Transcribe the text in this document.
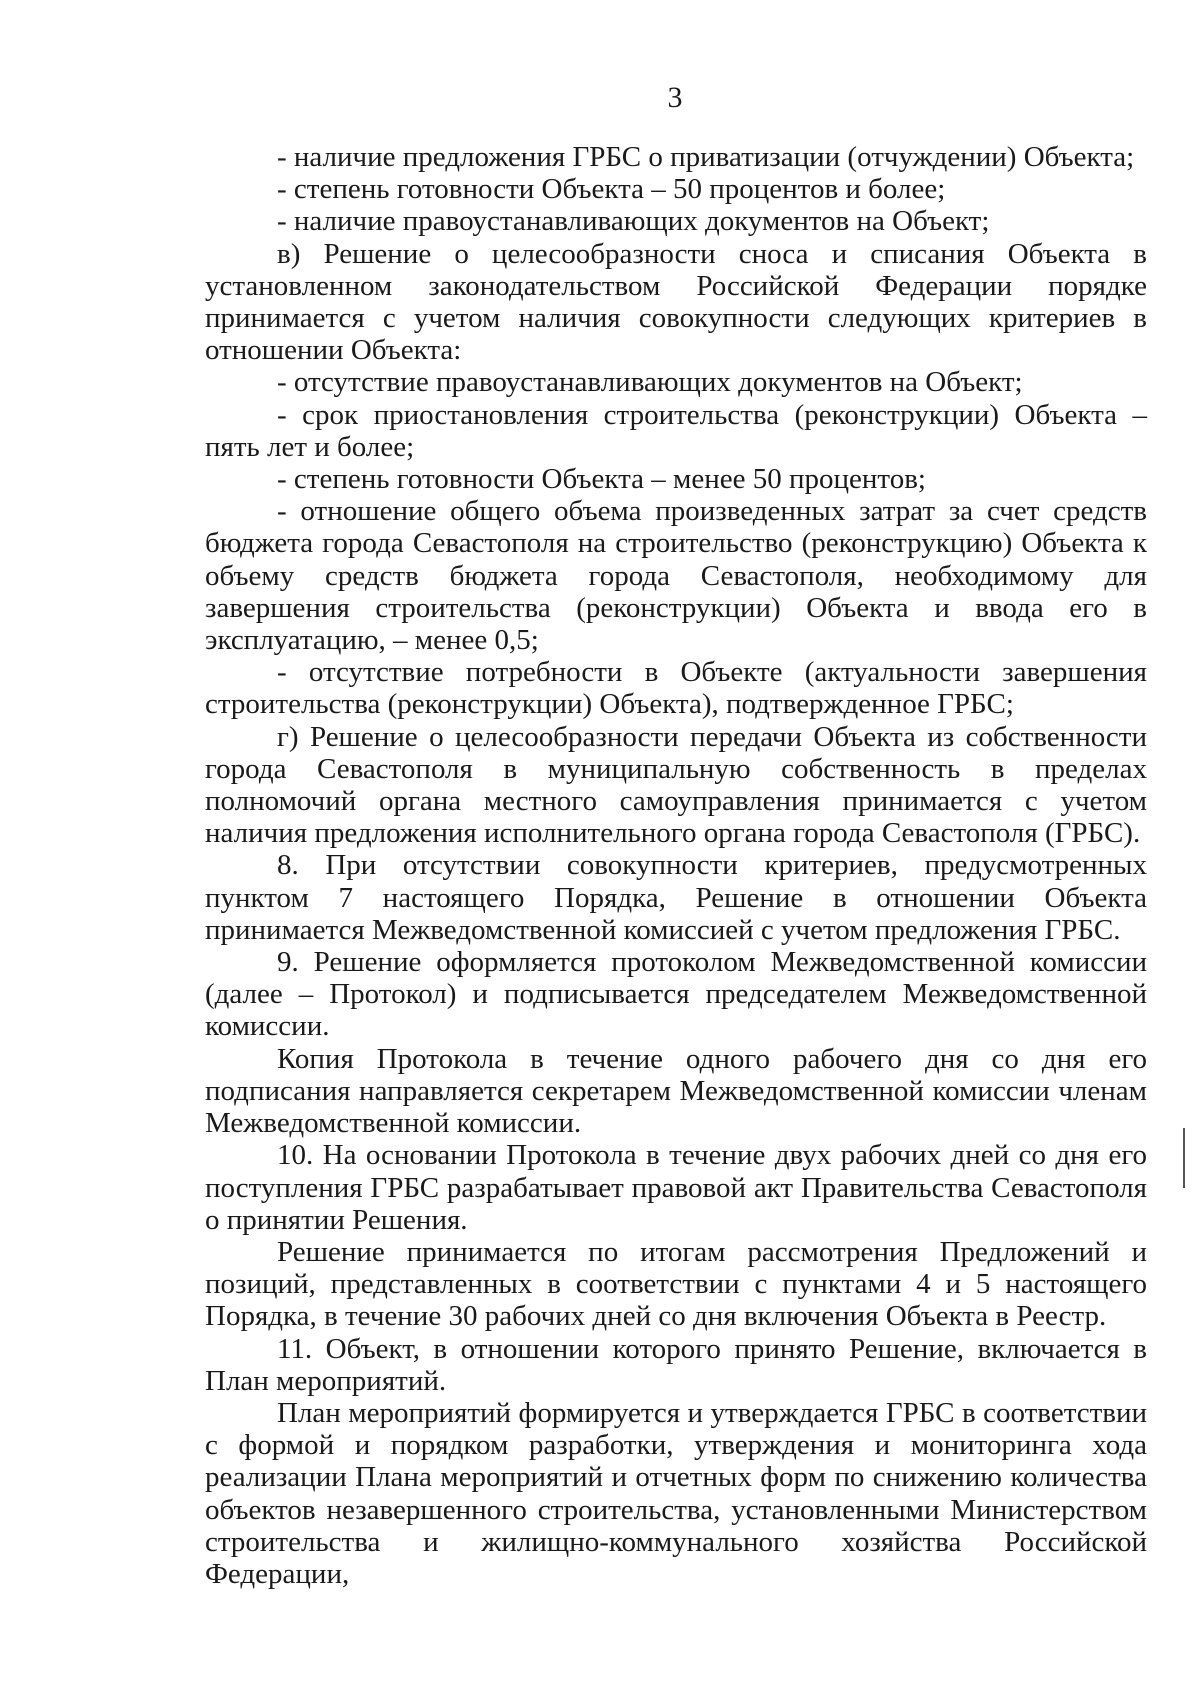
3

- наличие предложения ГРБС о приватизации (отчуждении) Объекта;

- степень готовности Объекта – 50 процентов и более;

- наличие правоустанавливающих документов на Объект;

в) Решение о целесообразности сноса и списания Объекта в установленном законодательством Российской Федерации порядке принимается с учетом наличия совокупности следующих критериев в отношении Объекта:

- отсутствие правоустанавливающих документов на Объект;

- срок приостановления строительства (реконструкции) Объекта – пять лет и более;

- степень готовности Объекта – менее 50 процентов;

- отношение общего объема произведенных затрат за счет средств бюджета города Севастополя на строительство (реконструкцию) Объекта к объему средств бюджета города Севастополя, необходимому для завершения строительства (реконструкции) Объекта и ввода его в эксплуатацию, – менее 0,5;

- отсутствие потребности в Объекте (актуальности завершения строительства (реконструкции) Объекта), подтвержденное ГРБС;

г) Решение о целесообразности передачи Объекта из собственности города Севастополя в муниципальную собственность в пределах полномочий органа местного самоуправления принимается с учетом наличия предложения исполнительного органа города Севастополя (ГРБС).

8. При отсутствии совокупности критериев, предусмотренных пунктом 7 настоящего Порядка, Решение в отношении Объекта принимается Межведомственной комиссией с учетом предложения ГРБС.

9. Решение оформляется протоколом Межведомственной комиссии (далее – Протокол) и подписывается председателем Межведомственной комиссии.

Копия Протокола в течение одного рабочего дня со дня его подписания направляется секретарем Межведомственной комиссии членам Межведомственной комиссии.

10. На основании Протокола в течение двух рабочих дней со дня его поступления ГРБС разрабатывает правовой акт Правительства Севастополя о принятии Решения.

Решение принимается по итогам рассмотрения Предложений и позиций, представленных в соответствии с пунктами 4 и 5 настоящего Порядка, в течение 30 рабочих дней со дня включения Объекта в Реестр.

11. Объект, в отношении которого принято Решение, включается в План мероприятий.

План мероприятий формируется и утверждается ГРБС в соответствии с формой и порядком разработки, утверждения и мониторинга хода реализации Плана мероприятий и отчетных форм по снижению количества объектов незавершенного строительства, установленными Министерством строительства и жилищно-коммунального хозяйства Российской Федерации,
